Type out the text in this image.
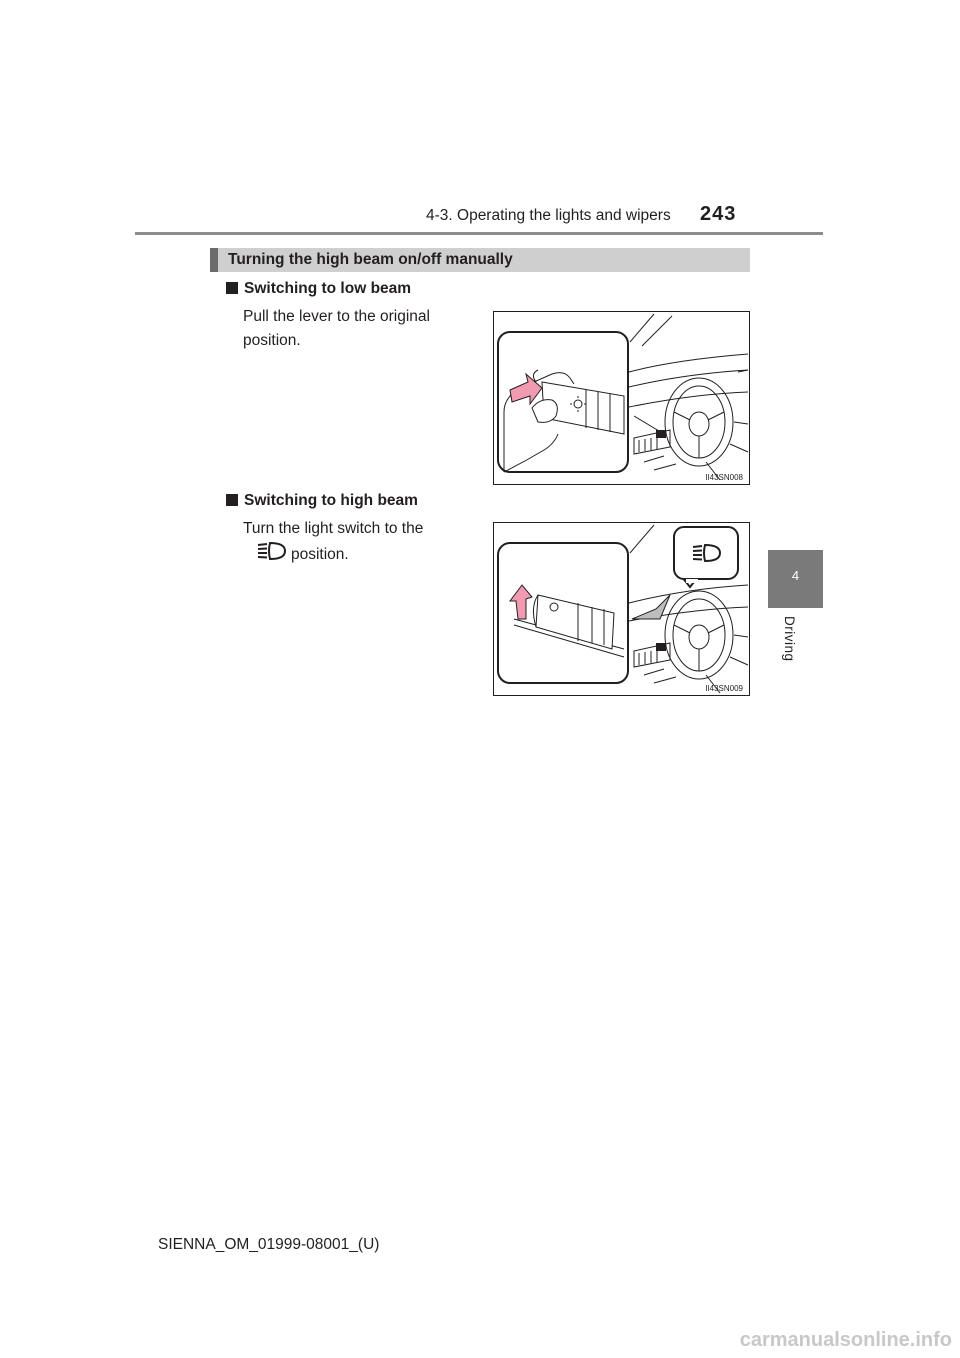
4-3. Operating the lights and wipers 243
4
Driving
Turning the high beam on/off manually
Switching to low beam
Pull the lever to the original position.
II43SN008
Switching to high beam
Turn the light switch to the
position.
II43SN009
SIENNA_OM_01999-08001_(U)
carmanualsonline.info
